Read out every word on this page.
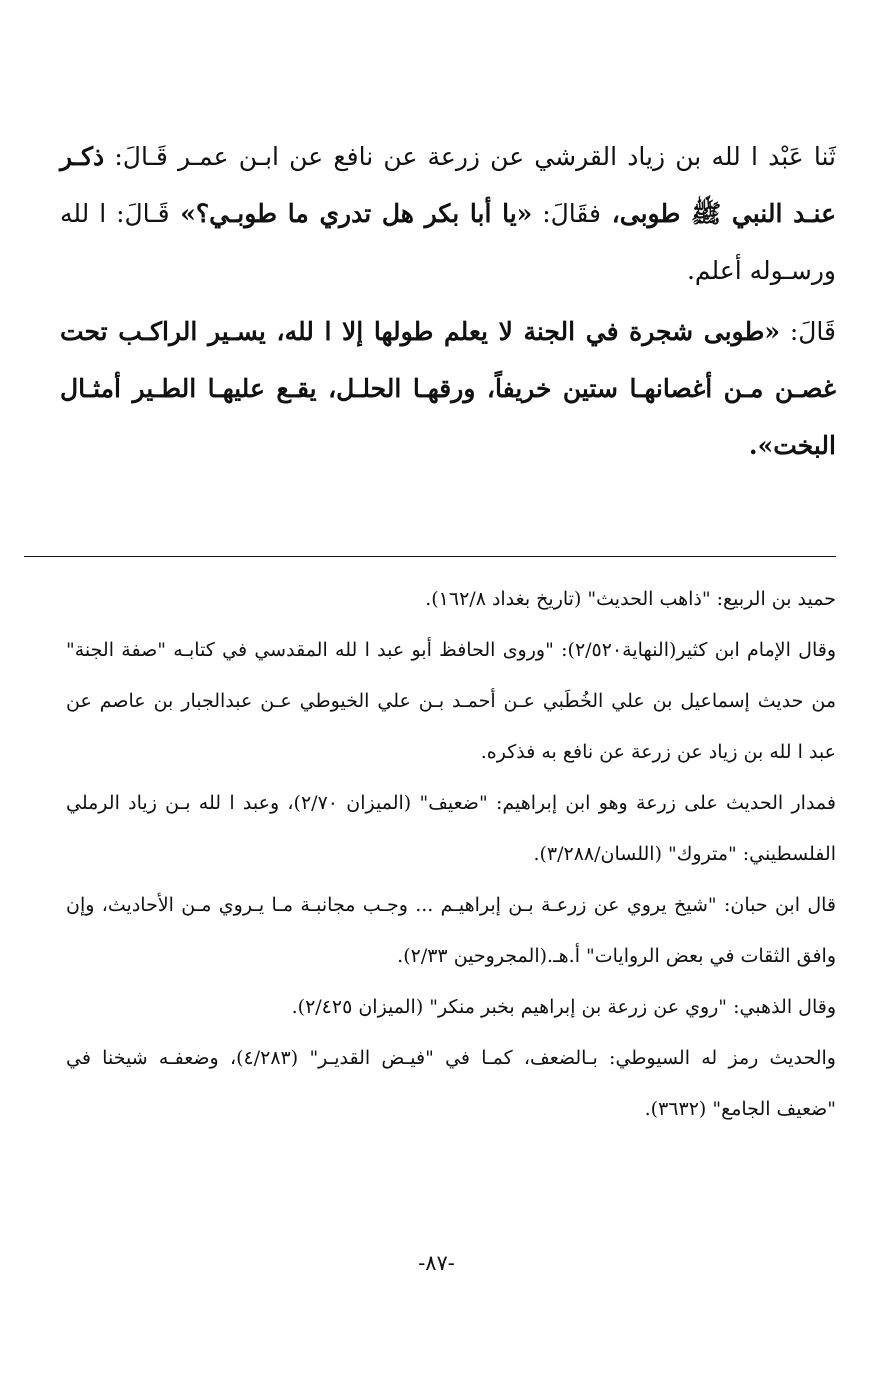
ثَنا عَبْد ا لله بن زياد القرشي عن زرعة عن نافع عن ابـن عمـر قَـالَ: ذكـر عنـد النبي ﷺ طوبى، فقَالَ: «يا أبا بكر هل تدري ما طوبـي؟» قَـالَ: ا لله ورسـوله أعلم.

قَالَ: «طوبى شجرة في الجنة لا يعلم طولها إلا ا لله، يسـير الراكـب تحت غصـن مـن أغصانهـا ستين خريفاً، ورقهـا الحلـل، يقـع عليهـا الطـير أمثـال البخت».

حميد بن الربيع: "ذاهب الحديث" (تاريخ بغداد ١٦٢/٨).

وقال الإمام ابن كثير(النهاية٢/٥٢٠): "وروى الحافظ أبو عبد ا لله المقدسي في كتابـه "صفة الجنة" من حديث إسماعيل بن علي الخُطَبي عـن أحمـد بـن علي الخيوطي عـن عبدالجبار بن عاصم عن عبد ا لله بن زياد عن زرعة عن نافع به فذكره.

فمدار الحديث على زرعة وهو ابن إبراهيم: "ضعيف" (الميزان ٢/٧٠)، وعبد ا لله بـن زياد الرملي الفلسطيني: "متروك" (اللسان/٣/٢٨٨).

قال ابن حبان: "شيخ يروي عن زرعـة بـن إبراهيـم ... وجـب مجانبـة مـا يـروي مـن الأحاديث، وإن وافق الثقات في بعض الروايات" أ.هـ.(المجروحين ٢/٣٣).

وقال الذهبي: "روي عن زرعة بن إبراهيم بخبر منكر" (الميزان ٢/٤٢٥).

والحديث رمز له السيوطي: بـالضعف، كمـا في "فيـض القديـر" (٤/٢٨٣)، وضعفـه شيخنا في "ضعيف الجامع" (٣٦٣٢).

-٨٧-
